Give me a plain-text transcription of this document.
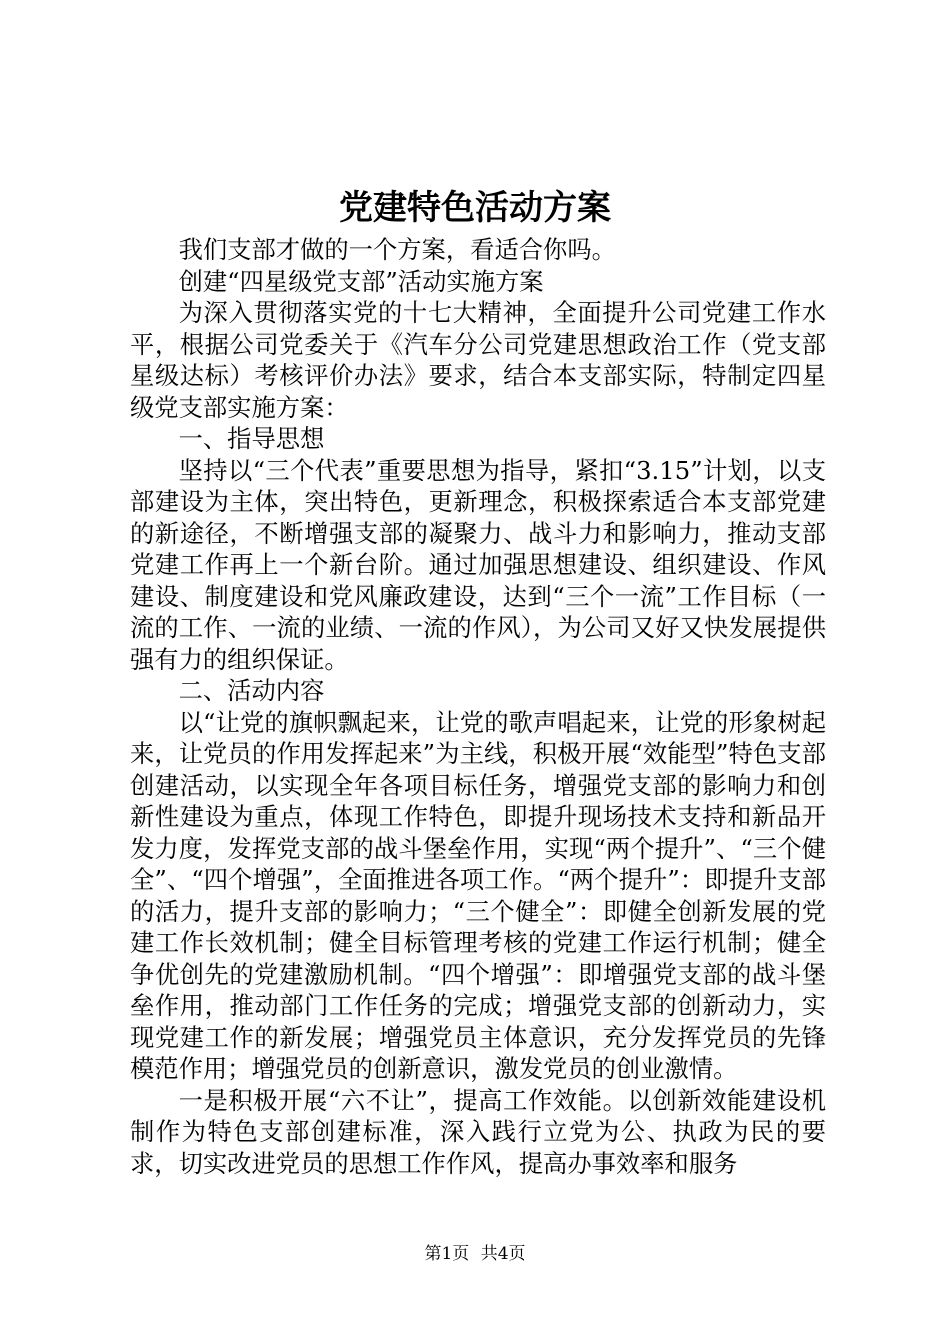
党建特色活动方案

我们支部才做的一个方案，看适合你吗。

创建“四星级党支部”活动实施方案

为深入贯彻落实党的十七大精神，全面提升公司党建工作水平，根据公司党委关于《汽车分公司党建思想政治工作（党支部星级达标）考核评价办法》要求，结合本支部实际，特制定四星级党支部实施方案：

一、指导思想

坚持以“三个代表”重要思想为指导，紧扣“3.15”计划，以支部建设为主体，突出特色，更新理念，积极探索适合本支部党建的新途径，不断增强支部的凝聚力、战斗力和影响力，推动支部党建工作再上一个新台阶。通过加强思想建设、组织建设、作风建设、制度建设和党风廉政建设，达到“三个一流”工作目标（一流的工作、一流的业绩、一流的作风），为公司又好又快发展提供强有力的组织保证。

二、活动内容

以“让党的旗帜飘起来，让党的歌声唱起来，让党的形象树起来，让党员的作用发挥起来”为主线，积极开展“效能型”特色支部创建活动，以实现全年各项目标任务，增强党支部的影响力和创新性建设为重点，体现工作特色，即提升现场技术支持和新品开发力度，发挥党支部的战斗堡垒作用，实现“两个提升”、“三个健全”、“四个增强”，全面推进各项工作。“两个提升”：即提升支部的活力，提升支部的影响力；“三个健全”：即健全创新发展的党建工作长效机制；健全目标管理考核的党建工作运行机制；健全争优创先的党建激励机制。“四个增强”：即增强党支部的战斗堡垒作用，推动部门工作任务的完成；增强党支部的创新动力，实现党建工作的新发展；增强党员主体意识，充分发挥党员的先锋模范作用；增强党员的创新意识，激发党员的创业激情。

一是积极开展“六不让”，提高工作效能。以创新效能建设机制作为特色支部创建标准，深入践行立党为公、执政为民的要求，切实改进党员的思想工作作风，提高办事效率和服务

第1页 共4页
